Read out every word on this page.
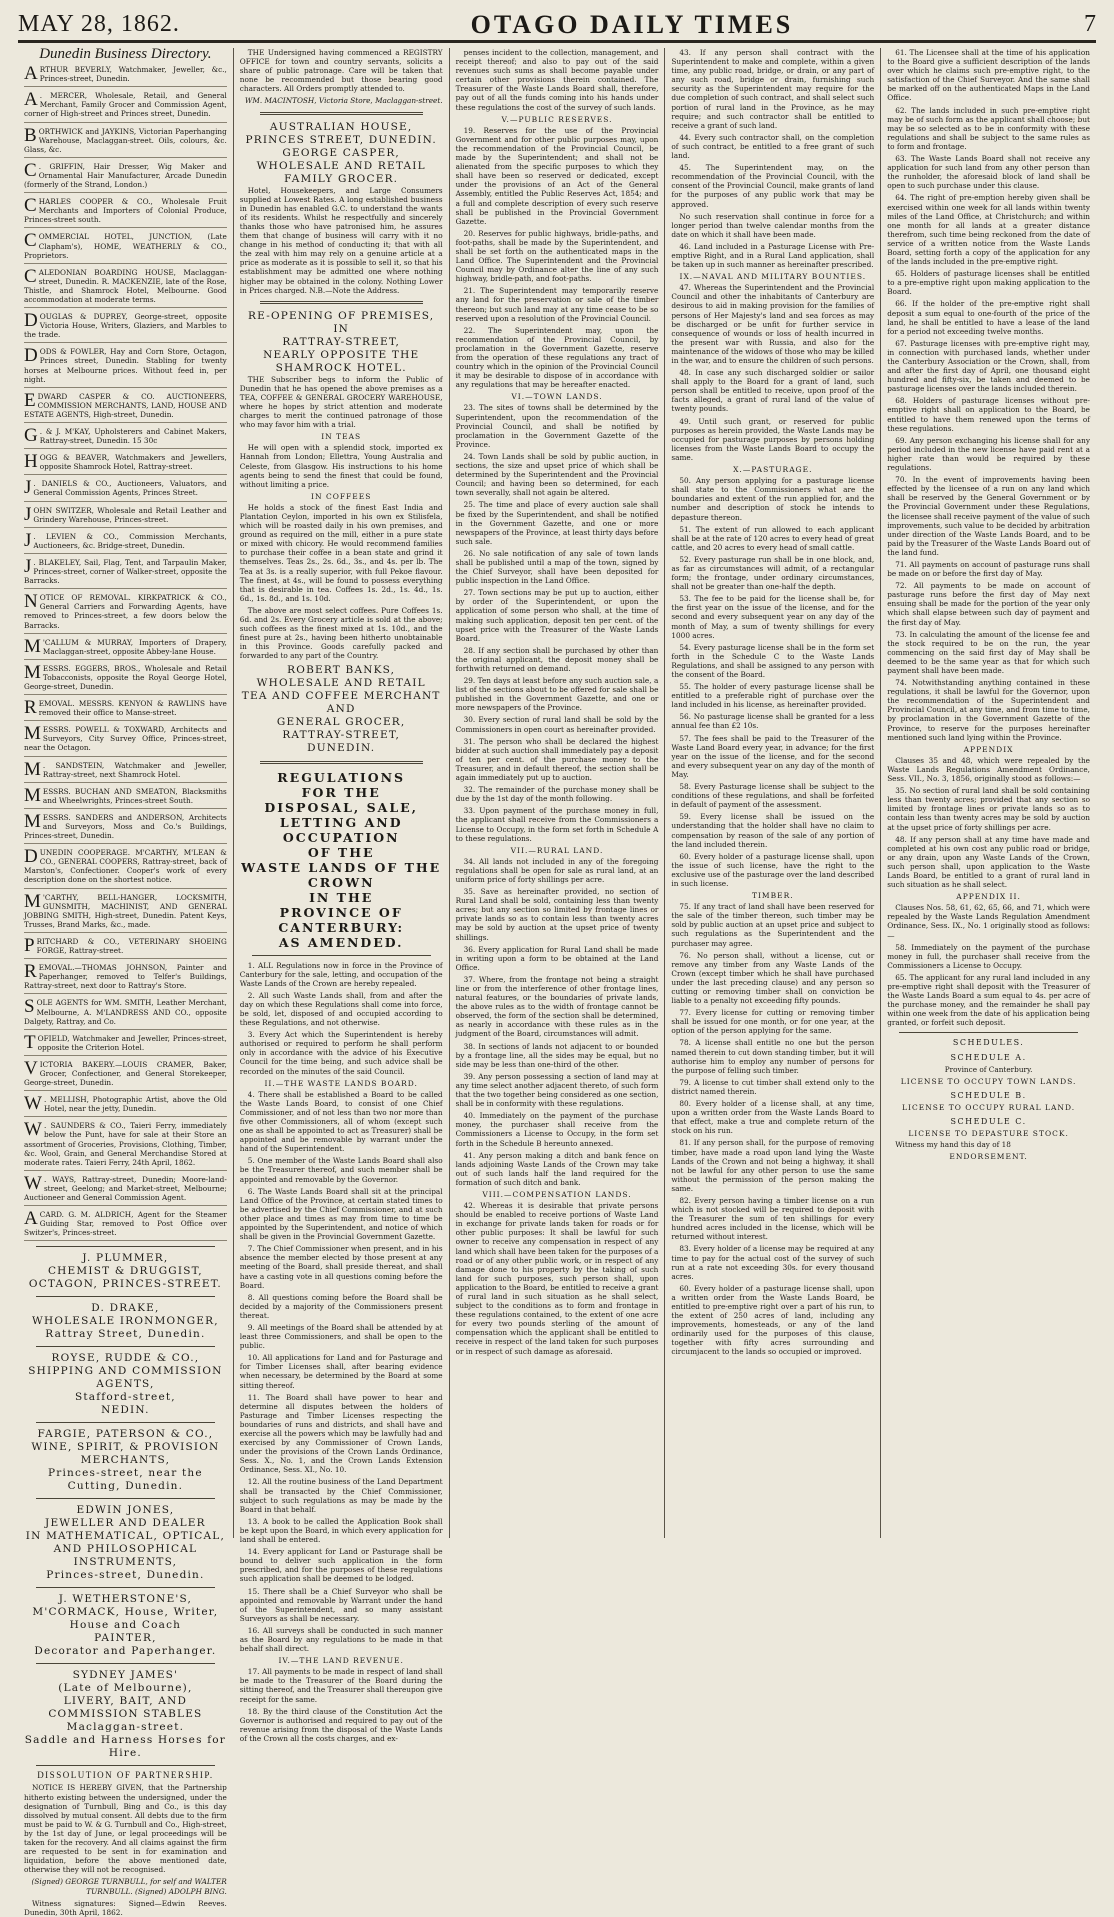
MAY 28, 1862.	OTAGO DAILY TIMES	7
Dunedin Business Directory.
ARTHUR BEVERLY, Watchmaker, Jeweller, &c., Princes-street, Dunedin.
A . MERCER, Wholesale, Retail, and General Merchant, Family Grocer and Commission Agent, corner of High-street and Princes street, Dunedin.
BORTHWICK and JAYKINS, Victorian Paperhanging Warehouse, Maclaggan-street. Oils, colours, &c. Glass, &c.
C . GRIFFIN, Hair Dresser, Wig Maker and Ornamental Hair Manufacturer, Arcade Dunedin (formerly of the Strand, London.)
CHARLES COOPER & CO., Wholesale Fruit Merchants and Importers of Colonial Produce, Princes-street south.
COMMERCIAL HOTEL, JUNCTION, (Late Clapham's), HOME, WEATHERLY & CO., Proprietors.
CALEDONIAN BOARDING HOUSE, Maclaggan-street, Dunedin. R. MACKENZIE, late of the Rose, Thistle, and Shamrock Hotel, Melbourne. Good accommodation at moderate terms.
DOUGLAS & DUPREY, George-street, opposite Victoria House, Writers, Glaziers, and Marbles to the trade.
DODS & FOWLER, Hay and Corn Store, Octagon, Princes street, Dunedin. Stabling for twenty horses at Melbourne prices. Without feed in, per night.
EDWARD CASPER & CO. AUCTIONEERS, COMMISSION MERCHANTS, LAND, HOUSE AND ESTATE AGENTS, High-street, Dunedin.
G . & J. M'KAY, Upholsterers and Cabinet Makers, Rattray-street, Dunedin. 15 30c
HOGG & BEAVER, Watchmakers and Jewellers, opposite Shamrock Hotel, Rattray-street.
J . DANIELS & CO., Auctioneers, Valuators, and General Commission Agents, Princes Street.
JOHN SWITZER, Wholesale and Retail Leather and Grindery Warehouse, Princes-street.
J . LEVIEN & CO., Commission Merchants, Auctioneers, &c. Bridge-street, Dunedin.
J . BLAKELEY, Sail, Flag, Tent, and Tarpaulin Maker, Princes-street, corner of Walker-street, opposite the Barracks.
NOTICE OF REMOVAL. KIRKPATRICK & CO., General Carriers and Forwarding Agents, have removed to Princes-street, a few doors below the Barracks.
M 'CALLUM & MURRAY, Importers of Drapery, Maclaggan-street, opposite Abbey-lane House.
MESSRS. EGGERS, BROS., Wholesale and Retail Tobacconists, opposite the Royal George Hotel, George-street, Dunedin.
REMOVAL. MESSRS. KENYON & RAWLINS have removed their office to Manse-street.
MESSRS. POWELL & TOXWARD, Architects and Surveyors, City Survey Office, Princes-street, near the Octagon.
M . SANDSTEIN, Watchmaker and Jeweller, Rattray-street, next Shamrock Hotel.
MESSRS. BUCHAN AND SMEATON, Blacksmiths and Wheelwrights, Princes-street South.
MESSRS. SANDERS and ANDERSON, Architects and Surveyors, Moss and Co.'s Buildings, Princes-street, Dunedin.
DUNEDIN COOPERAGE. M'CARTHY, M'LEAN & CO., GENERAL COOPERS, Rattray-street, back of Marston's, Confectioner. Cooper's work of every description done on the shortest notice.
M 'CARTHY, BELL-HANGER, LOCKSMITH, GUNSMITH, MACHINIST, AND GENERAL JOBBING SMITH, High-street, Dunedin. Patent Keys, Trusses, Brand Marks, &c., made.
PRITCHARD & CO., VETERINARY SHOEING FORGE, Rattray-street.
REMOVAL.—THOMAS JOHNSON, Painter and Paperhanger, removed to Telfer's Buildings, Rattray-street, next door to Rattray's Store.
SOLE AGENTS for WM. SMITH, Leather Merchant, Melbourne, A. M'LANDRESS AND CO., opposite Dalgety, Rattray, and Co.
TOFIELD, Watchmaker and Jeweller, Princes-street, opposite the Criterion Hotel.
VICTORIA BAKERY.—LOUIS CRAMER, Baker, Grocer, Confectioner, and General Storekeeper, George-street, Dunedin.
W . MELLISH, Photographic Artist, above the Old Hotel, near the jetty, Dunedin.
W . SAUNDERS & CO., Taieri Ferry, immediately below the Punt, have for sale at their Store an assortment of Groceries, Provisions, Clothing, Timber, &c. Wool, Grain, and General Merchandise Stored at moderate rates. Taieri Ferry, 24th April, 1862.
W . WAYS, Rattray-street, Dunedin; Moore-land-street, Geelong; and Market-street, Melbourne; Auctioneer and General Commission Agent.
A CARD. G. M. ALDRICH, Agent for the Steamer Guiding Star, removed to Post Office over Switzer's, Princes-street.
J. PLUMMER,
CHEMIST & DRUGGIST,
OCTAGON, PRINCES-STREET.
D. DRAKE,
WHOLESALE IRONMONGER,
Rattray Street, Dunedin.
ROYSE, RUDDE & CO.,
SHIPPING AND COMMISSION AGENTS,
Stafford-street,
NEDIN.
FARGIE, PATERSON & CO.,
WINE, SPIRIT, & PROVISION MERCHANTS,
Princes-street, near the Cutting, Dunedin.
EDWIN JONES,
JEWELLER AND DEALER
IN MATHEMATICAL, OPTICAL, AND PHILOSOPHICAL INSTRUMENTS,
Princes-street, Dunedin.
J. WETHERSTONE'S,
M'CORMACK, House, Writer, House and Coach
PAINTER,
Decorator and Paperhanger.
SYDNEY JAMES'
(Late of Melbourne),
LIVERY, BAIT, AND COMMISSION STABLES
Maclaggan-street.
Saddle and Harness Horses for Hire.
DISSOLUTION OF PARTNERSHIP.

NOTICE IS HEREBY GIVEN, that the Partnership hitherto existing between the undersigned, under the designation of Turnbull, Bing and Co., is this day dissolved by mutual consent. All debts due to the firm must be paid to W. & G. Turnbull and Co., High-street, by the 1st day of June, or legal proceedings will be taken for the recovery. And all claims against the firm are requested to be sent in for examination and liquidation, before the above mentioned date, otherwise they will not be recognised.

(Signed) GEORGE TURNBULL, for self and WALTER TURNBULL. (Signed) ADOLPH BING.

Witness signatures: Signed—Edwin Reeves. Dunedin, 30th April, 1862.

THE Undersigned having commenced a REGISTRY OFFICE for town and country servants, solicits a share of public patronage. Care will be taken that none be recommended but those bearing good characters. All Orders promptly attended to.

WM. MACINTOSH, Victoria Store, Maclaggan-street.

AUSTRALIAN HOUSE,
PRINCES STREET, DUNEDIN.
GEORGE CASPER,
WHOLESALE AND RETAIL FAMILY GROCER.

Hotel, Housekeepers, and Large Consumers supplied at Lowest Rates. A long established business in Dunedin has enabled G.C. to understand the wants of its residents. Whilst he respectfully and sincerely thanks those who have patronised him, he assures them that change of business will carry with it no change in his method of conducting it; that with all the zeal with him may rely on a genuine article at a price as moderate as it is possible to sell it, so that his establishment may be admitted one where nothing higher may be obtained in the colony. Nothing Lower in Prices charged. N.B.—Note the Address.

RE-OPENING OF PREMISES,
IN
RATTRAY-STREET,
NEARLY OPPOSITE THE SHAMROCK HOTEL.

THE Subscriber begs to inform the Public of Dunedin that he has opened the above premises as a TEA, COFFEE & GENERAL GROCERY WAREHOUSE, where he hopes by strict attention and moderate charges to merit the continued patronage of those who may favor him with a trial.

IN TEAS

He will open with a splendid stock, imported ex Hannah from London; Ellettra, Young Australia and Celeste, from Glasgow. His instructions to his home agents being to send the finest that could be found, without limiting a price.

IN COFFEES

He holds a stock of the finest East India and Plantation Ceylon, imported in his own ex Stilisfela, which will be roasted daily in his own premises, and ground as required on the mill, either in a pure state or mixed with chicory. He would recommend families to purchase their coffee in a bean state and grind it themselves. Teas 2s., 2s. 6d., 3s., and 4s. per lb. The Tea at 3s. is a really superior, with full Pekoe flavour. The finest, at 4s., will be found to possess everything that is desirable in tea. Coffees 1s. 2d., 1s. 4d., 1s. 6d., 1s. 8d., and 1s. 10d.

The above are most select coffees. Pure Coffees 1s. 6d. and 2s. Every Grocery article is sold at the above; such coffees as the finest mixed at 1s. 10d., and the finest pure at 2s., having been hitherto unobtainable in this Province. Goods carefully packed and forwarded to any part of the Country.

ROBERT BANKS,
WHOLESALE AND RETAIL
TEA AND COFFEE MERCHANT
AND
GENERAL GROCER,
RATTRAY-STREET,
DUNEDIN.
REGULATIONS
FOR THE
DISPOSAL, SALE, LETTING AND
OCCUPATION
OF THE
WASTE LANDS OF THE CROWN
IN THE
PROVINCE OF CANTERBURY:
AS AMENDED.

1. ALL Regulations now in force in the Province of Canterbury for the sale, letting, and occupation of the Waste Lands of the Crown are hereby repealed.

2. All such Waste Lands shall, from and after the day on which these Regulations shall come into force, be sold, let, disposed of and occupied according to these Regulations, and not otherwise.

3. Every Act which the Superintendent is hereby authorised or required to perform he shall perform only in accordance with the advice of his Executive Council for the time being, and such advice shall be recorded on the minutes of the said Council.

II.—THE WASTE LANDS BOARD.

4. There shall be established a Board to be called the Waste Lands Board, to consist of one Chief Commissioner, and of not less than two nor more than five other Commissioners, all of whom (except such one as shall be appointed to act as Treasurer) shall be appointed and be removable by warrant under the hand of the Superintendent.

5. One member of the Waste Lands Board shall also be the Treasurer thereof, and such member shall be appointed and removable by the Governor.

6. The Waste Lands Board shall sit at the principal Land Office of the Province, at certain stated times to be advertised by the Chief Commissioner, and at such other place and times as may from time to time be appointed by the Superintendent, and notice of which shall be given in the Provincial Government Gazette.

7. The Chief Commissioner when present, and in his absence the member elected by those present at any meeting of the Board, shall preside thereat, and shall have a casting vote in all questions coming before the Board.

8. All questions coming before the Board shall be decided by a majority of the Commissioners present thereat.

9. All meetings of the Board shall be attended by at least three Commissioners, and shall be open to the public.

10. All applications for Land and for Pasturage and for Timber Licenses shall, after bearing evidence when necessary, be determined by the Board at some sitting thereof.

11. The Board shall have power to hear and determine all disputes between the holders of Pasturage and Timber Licenses respecting the boundaries of runs and districts, and shall have and exercise all the powers which may be lawfully had and exercised by any Commissioner of Crown Lands, under the provisions of the Crown Lands Ordinance, Sess. X., No. 1, and the Crown Lands Extension Ordinance, Sess. XI., No. 10.

12. All the routine business of the Land Department shall be transacted by the Chief Commissioner, subject to such regulations as may be made by the Board in that behalf.

13. A book to be called the Application Book shall be kept upon the Board, in which every application for land shall be entered.

14. Every applicant for Land or Pasturage shall be bound to deliver such application in the form prescribed, and for the purposes of these regulations such application shall be deemed to be lodged.

15. There shall be a Chief Surveyor who shall be appointed and removable by Warrant under the hand of the Superintendent, and so many assistant Surveyors as shall be necessary.

16. All surveys shall be conducted in such manner as the Board by any regulations to be made in that behalf shall direct.

IV.—THE LAND REVENUE.

17. All payments to be made in respect of land shall be made to the Treasurer of the Board during the sitting thereof, and the Treasurer shall thereupon give receipt for the same.

18. By the third clause of the Constitution Act the Governor is authorised and required to pay out of the revenue arising from the disposal of the Waste Lands of the Crown all the costs charges, and ex-

penses incident to the collection, management, and receipt thereof; and also to pay out of the said revenues such sums as shall become payable under certain other provisions therein contained. The Treasurer of the Waste Lands Board shall, therefore, pay out of all the funds coming into his hands under these regulations the cost of the survey of such lands.

V.—PUBLIC RESERVES.

19. Reserves for the use of the Provincial Government and for other public purposes may, upon the recommendation of the Provincial Council, be made by the Superintendent; and shall not be alienated from the specific purposes to which they shall have been so reserved or dedicated, except under the provisions of an Act of the General Assembly, entitled the Public Reserves Act, 1854; and a full and complete description of every such reserve shall be published in the Provincial Government Gazette.

20. Reserves for public highways, bridle-paths, and foot-paths, shall be made by the Superintendent, and shall be set forth on the authenticated maps in the Land Office. The Superintendent and the Provincial Council may by Ordinance alter the line of any such highway, bridle-path, and foot-paths.

21. The Superintendent may temporarily reserve any land for the preservation or sale of the timber thereon; but such land may at any time cease to be so reserved upon a resolution of the Provincial Council.

22. The Superintendent may, upon the recommendation of the Provincial Council, by proclamation in the Government Gazette, reserve from the operation of these regulations any tract of country which in the opinion of the Provincial Council it may be desirable to dispose of in accordance with any regulations that may be hereafter enacted.

VI.—TOWN LANDS.

23. The sites of towns shall be determined by the Superintendent, upon the recommendation of the Provincial Council, and shall be notified by proclamation in the Government Gazette of the Province.

24. Town Lands shall be sold by public auction, in sections, the size and upset price of which shall be determined by the Superintendent and the Provincial Council; and having been so determined, for each town severally, shall not again be altered.

25. The time and place of every auction sale shall be fixed by the Superintendent, and shall be notified in the Government Gazette, and one or more newspapers of the Province, at least thirty days before such sale.

26. No sale notification of any sale of town lands shall be published until a map of the town, signed by the Chief Surveyor, shall have been deposited for public inspection in the Land Office.

27. Town sections may be put up to auction, either by order of the Superintendent, or upon the application of some person who shall, at the time of making such application, deposit ten per cent. of the upset price with the Treasurer of the Waste Lands Board.

28. If any section shall be purchased by other than the original applicant, the deposit money shall be forthwith returned on demand.

29. Ten days at least before any such auction sale, a list of the sections about to be offered for sale shall be published in the Government Gazette, and one or more newspapers of the Province.

30. Every section of rural land shall be sold by the Commissioners in open court as hereinafter provided.

31. The person who shall be declared the highest bidder at such auction shall immediately pay a deposit of ten per cent. of the purchase money to the Treasurer, and in default thereof, the section shall be again immediately put up to auction.

32. The remainder of the purchase money shall be due by the 1st day of the month following.

33. Upon payment of the purchase money in full, the applicant shall receive from the Commissioners a License to Occupy, in the form set forth in Schedule A to these regulations.

VII.—RURAL LAND.

34. All lands not included in any of the foregoing regulations shall be open for sale as rural land, at an uniform price of forty shillings per acre.

35. Save as hereinafter provided, no section of Rural Land shall be sold, containing less than twenty acres; but any section so limited by frontage lines or private lands so as to contain less than twenty acres may be sold by auction at the upset price of twenty shillings.

36. Every application for Rural Land shall be made in writing upon a form to be obtained at the Land Office.

37. Where, from the frontage not being a straight line or from the interference of other frontage lines, natural features, or the boundaries of private lands, the above rules as to the width of frontage cannot be observed, the form of the section shall be determined, as nearly in accordance with these rules as in the judgment of the Board, circumstances will admit.

38. In sections of lands not adjacent to or bounded by a frontage line, all the sides may be equal, but no side may be less than one-third of the other.

39. Any person possessing a section of land may at any time select another adjacent thereto, of such form that the two together being considered as one section, shall be in conformity with these regulations.

40. Immediately on the payment of the purchase money, the purchaser shall receive from the Commissioners a License to Occupy, in the form set forth in the Schedule B hereunto annexed.

41. Any person making a ditch and bank fence on lands adjoining Waste Lands of the Crown may take out of such lands half the land required for the formation of such ditch and bank.

VIII.—COMPENSATION LANDS.

42. Whereas it is desirable that private persons should be enabled to receive portions of Waste Land in exchange for private lands taken for roads or for other public purposes: It shall be lawful for such owner to receive any compensation in respect of any land which shall have been taken for the purposes of a road or of any other public work, or in respect of any damage done to his property by the taking of such land for such purposes, such person shall, upon application to the Board, be entitled to receive a grant of rural land in such situation as he shall select, subject to the conditions as to form and frontage in these regulations contained, to the extent of one acre for every two pounds sterling of the amount of compensation which the applicant shall be entitled to receive in respect of the land taken for such purposes or in respect of such damage as aforesaid.

43. If any person shall contract with the Superintendent to make and complete, within a given time, any public road, bridge, or drain, or any part of any such road, bridge or drain, furnishing such security as the Superintendent may require for the due completion of such contract, and shall select such portion of rural land in the Province, as he may require; and such contractor shall be entitled to receive a grant of such land.

44. Every such contractor shall, on the completion of such contract, be entitled to a free grant of such land.

45. The Superintendent may, on the recommendation of the Provincial Council, with the consent of the Provincial Council, make grants of land for the purposes of any public work that may be approved.

No such reservation shall continue in force for a longer period than twelve calendar months from the date on which it shall have been made.

46. Land included in a Pasturage License with Pre-emptive Right, and in a Rural Land application, shall be taken up in such manner as hereinafter prescribed.

IX.—NAVAL AND MILITARY BOUNTIES.

47. Whereas the Superintendent and the Provincial Council and other the inhabitants of Canterbury are desirous to aid in making provision for the families of persons of Her Majesty's land and sea forces as may be discharged or be unfit for further service in consequence of wounds or loss of health incurred in the present war with Russia, and also for the maintenance of the widows of those who may be killed in the war, and to ensure the children of such persons.

48. In case any such discharged soldier or sailor shall apply to the Board for a grant of land, such person shall be entitled to receive, upon proof of the facts alleged, a grant of rural land of the value of twenty pounds.

49. Until such grant, or reserved for public purposes as herein provided, the Waste Lands may be occupied for pasturage purposes by persons holding licenses from the Waste Lands Board to occupy the same.

X.—PASTURAGE.

50. Any person applying for a pasturage license shall state to the Commissioners what are the boundaries and extent of the run applied for, and the number and description of stock he intends to depasture thereon.

51. The extent of run allowed to each applicant shall be at the rate of 120 acres to every head of great cattle, and 20 acres to every head of small cattle.

52. Every pasturage run shall be in one block, and, as far as circumstances will admit, of a rectangular form; the frontage, under ordinary circumstances, shall not be greater than one-half the depth.

53. The fee to be paid for the license shall be, for the first year on the issue of the license, and for the second and every subsequent year on any day of the month of May, a sum of twenty shillings for every 1000 acres.

54. Every pasturage license shall be in the form set forth in the Schedule C to the Waste Lands Regulations, and shall be assigned to any person with the consent of the Board.

55. The holder of every pasturage license shall be entitled to a preferable right of purchase over the land included in his license, as hereinafter provided.

56. No pasturage license shall be granted for a less annual fee than £2 10s.

57. The fees shall be paid to the Treasurer of the Waste Land Board every year, in advance; for the first year on the issue of the license, and for the second and every subsequent year on any day of the month of May.

58. Every Pasturage license shall be subject to the conditions of these regulations, and shall be forfeited in default of payment of the assessment.

59. Every license shall be issued on the understanding that the holder shall have no claim to compensation by reason of the sale of any portion of the land included therein.

60. Every holder of a pasturage license shall, upon the issue of such license, have the right to the exclusive use of the pasturage over the land described in such license.

TIMBER.

75. If any tract of land shall have been reserved for the sale of the timber thereon, such timber may be sold by public auction at an upset price and subject to such regulations as the Superintendent and the purchaser may agree.

76. No person shall, without a license, cut or remove any timber from any Waste Lands of the Crown (except timber which he shall have purchased under the last preceding clause) and any person so cutting or removing timber shall on conviction be liable to a penalty not exceeding fifty pounds.

77. Every license for cutting or removing timber shall be issued for one month, or for one year, at the option of the person applying for the same.

78. A license shall entitle no one but the person named therein to cut down standing timber, but it will authorise him to employ any number of persons for the purpose of felling such timber.

79. A license to cut timber shall extend only to the district named therein.

80. Every holder of a license shall, at any time, upon a written order from the Waste Lands Board to that effect, make a true and complete return of the stock on his run.

81. If any person shall, for the purpose of removing timber, have made a road upon land lying the Waste Lands of the Crown and not being a highway, it shall not be lawful for any other person to use the same without the permission of the person making the same.

82. Every person having a timber license on a run which is not stocked will be required to deposit with the Treasurer the sum of ten shillings for every hundred acres included in the license, which will be returned without interest.

83. Every holder of a license may be required at any time to pay for the actual cost of the survey of such run at a rate not exceeding 30s. for every thousand acres.

60. Every holder of a pasturage license shall, upon a written order from the Waste Lands Board, be entitled to pre-emptive right over a part of his run, to the extent of 250 acres of land, including any improvements, homesteads, or any of the land ordinarily used for the purposes of this clause, together with fifty acres surrounding and circumjacent to the lands so occupied or improved.

61. The Licensee shall at the time of his application to the Board give a sufficient description of the lands over which he claims such pre-emptive right, to the satisfaction of the Chief Surveyor. And the same shall be marked off on the authenticated Maps in the Land Office.

62. The lands included in such pre-emptive right may be of such form as the applicant shall choose; but may be so selected as to be in conformity with these regulations and shall be subject to the same rules as to form and frontage.

63. The Waste Lands Board shall not receive any application for such land from any other person than the runholder, the aforesaid block of land shall be open to such purchase under this clause.

64. The right of pre-emption hereby given shall be exercised within one week for all lands within twenty miles of the Land Office, at Christchurch; and within one month for all lands at a greater distance therefrom, such time being reckoned from the date of service of a written notice from the Waste Lands Board, setting forth a copy of the application for any of the lands included in the pre-emptive right.

65. Holders of pasturage licenses shall be entitled to a pre-emptive right upon making application to the Board.

66. If the holder of the pre-emptive right shall deposit a sum equal to one-fourth of the price of the land, he shall be entitled to have a lease of the land for a period not exceeding twelve months.

67. Pasturage licenses with pre-emptive right may, in connection with purchased lands, whether under the Canterbury Association or the Crown, shall, from and after the first day of April, one thousand eight hundred and fifty-six, be taken and deemed to be pasturage licenses over the lands included therein.

68. Holders of pasturage licenses without pre-emptive right shall on application to the Board, be entitled to have them renewed upon the terms of these regulations.

69. Any person exchanging his license shall for any period included in the new license have paid rent at a higher rate than would be required by these regulations.

70. In the event of improvements having been effected by the licensee of a run on any land which shall be reserved by the General Government or by the Provincial Government under these Regulations, the licensee shall receive payment of the value of such improvements, such value to be decided by arbitration under direction of the Waste Lands Board, and to be paid by the Treasurer of the Waste Lands Board out of the land fund.

71. All payments on account of pasturage runs shall be made on or before the first day of May.

72. All payments to be made on account of pasturage runs before the first day of May next ensuing shall be made for the portion of the year only which shall elapse between such day of payment and the first day of May.

73. In calculating the amount of the license fee and the stock required to be on the run, the year commencing on the said first day of May shall be deemed to be the same year as that for which such payment shall have been made.

74. Notwithstanding anything contained in these regulations, it shall be lawful for the Governor, upon the recommendation of the Superintendent and Provincial Council, at any time, and from time to time, by proclamation in the Government Gazette of the Province, to reserve for the purposes hereinafter mentioned such land lying within the Province.

APPENDIX

Clauses 35 and 48, which were repealed by the Waste Lands Regulations Amendment Ordinance, Sess. VII., No. 3, 1856, originally stood as follows:—

35. No section of rural land shall be sold containing less than twenty acres; provided that any section so limited by frontage lines or private lands so as to contain less than twenty acres may be sold by auction at the upset price of forty shillings per acre.

48. If any person shall at any time have made and completed at his own cost any public road or bridge, or any drain, upon any Waste Lands of the Crown, such person shall, upon application to the Waste Lands Board, be entitled to a grant of rural land in such situation as he shall select.

APPENDIX II.

Clauses Nos. 58, 61, 62, 65, 66, and 71, which were repealed by the Waste Lands Regulation Amendment Ordinance, Sess. IX., No. 1 originally stood as follows:—

58. Immediately on the payment of the purchase money in full, the purchaser shall receive from the Commissioners a License to Occupy.

65. The applicant for any rural land included in any pre-emptive right shall deposit with the Treasurer of the Waste Lands Board a sum equal to 4s. per acre of the purchase money, and the remainder he shall pay within one week from the date of his application being granted, or forfeit such deposit.

SCHEDULES.
SCHEDULE A.

Province of Canterbury.

LICENSE TO OCCUPY TOWN LANDS.
SCHEDULE B.
LICENSE TO OCCUPY RURAL LAND.
SCHEDULE C.
LICENSE TO DEPASTURE STOCK.

Witness my hand this day of 18

ENDORSEMENT.
